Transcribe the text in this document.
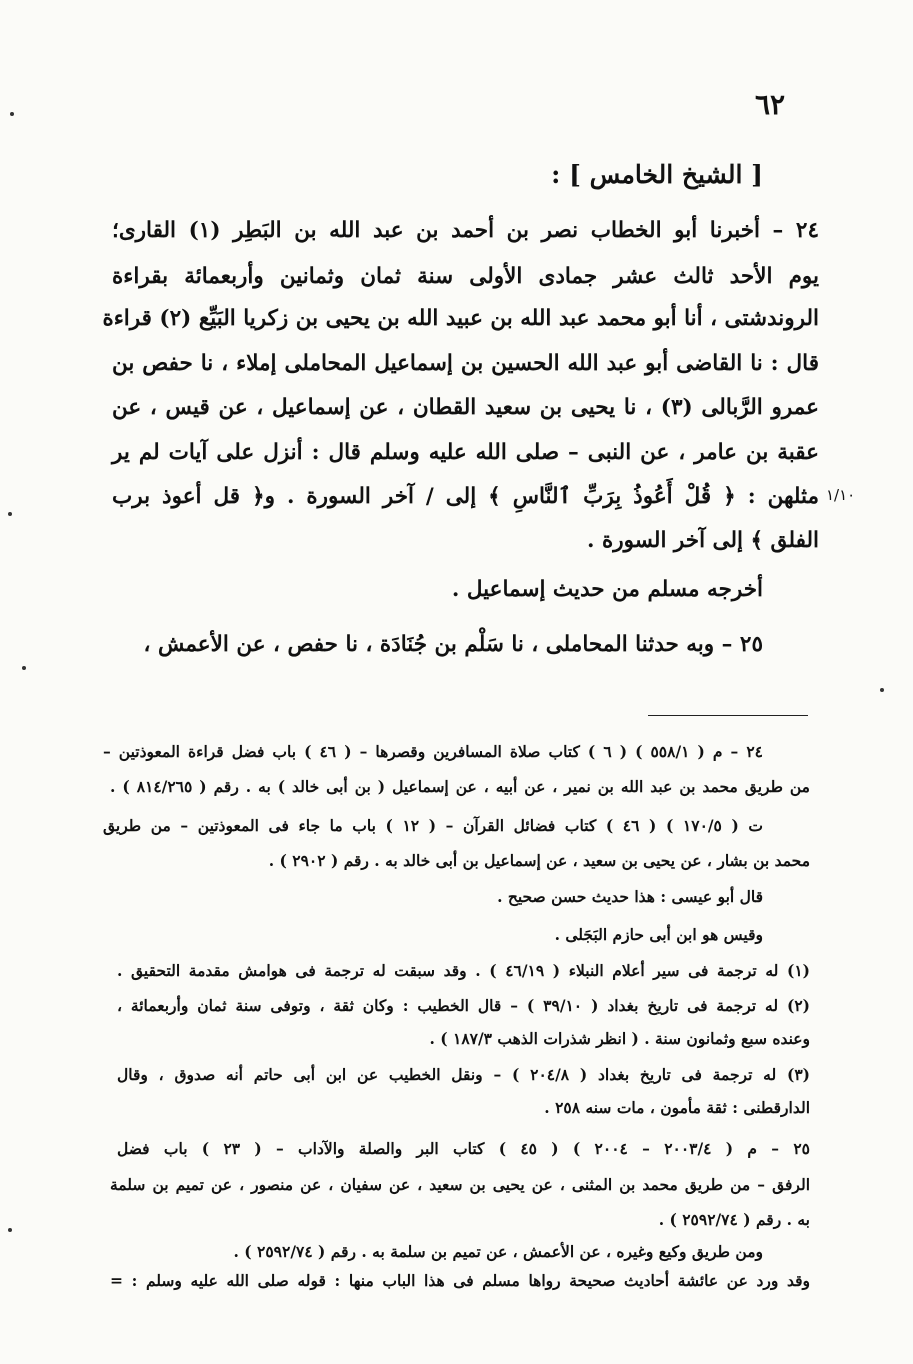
٦٢
[ الشيخ الخامس ] :
١/١٠
٢٤ – أخبرنا أبو الخطاب نصر بن أحمد بن عبد الله بن البَطِر (١) القارى؛
يوم الأحد ثالث عشر جمادى الأولى سنة ثمان وثمانين وأربعمائة بقراءة
الروندشتى ، أنا أبو محمد عبد الله بن عبيد الله بن يحيى بن زكريا البَيِّع (٢) قراءة
قال : نا القاضى أبو عبد الله الحسين بن إسماعيل المحاملى إملاء ، نا حفص بن
عمرو الرَّبالى (٣) ، نا يحيى بن سعيد القطان ، عن إسماعيل ، عن قيس ، عن
عقبة بن عامر ، عن النبى – صلى الله عليه وسلم قال : أنزل على آيات لم ير
مثلهن : ﴿ قُلْ أَعُوذُ بِرَبِّ ٱلنَّاسِ ﴾ إلى / آخر السورة . و﴿ قل أعوذ برب
الفلق ﴾ إلى آخر السورة .
أخرجه مسلم من حديث إسماعيل .
٢٥ – وبه حدثنا المحاملى ، نا سَلْم بن جُنَادَة ، نا حفص ، عن الأعمش ،
٢٤ – م ( ٥٥٨/١ ) ( ٦ ) كتاب صلاة المسافرين وقصرها – ( ٤٦ ) باب فضل قراءة المعوذتين –
من طريق محمد بن عبد الله بن نمير ، عن أبيه ، عن إسماعيل ( بن أبى خالد ) به . رقم ( ٨١٤/٢٦٥ ) .
ت ( ١٧٠/٥ ) ( ٤٦ ) كتاب فضائل القرآن – ( ١٢ ) باب ما جاء فى المعوذتين – من طريق
محمد بن بشار ، عن يحيى بن سعيد ، عن إسماعيل بن أبى خالد به . رقم ( ٢٩٠٢ ) .
قال أبو عيسى : هذا حديث حسن صحيح .
وقيس هو ابن أبى حازم البَجَلى .
(١) له ترجمة فى سير أعلام النبلاء ( ٤٦/١٩ ) . وقد سبقت له ترجمة فى هوامش مقدمة التحقيق .
(٢) له ترجمة فى تاريخ بغداد ( ٣٩/١٠ ) – قال الخطيب : وكان ثقة ، وتوفى سنة ثمان وأربعمائة ،
وعنده سبع وثمانون سنة . ( انظر شذرات الذهب ١٨٧/٣ ) .
(٣) له ترجمة فى تاريخ بغداد ( ٢٠٤/٨ ) – ونقل الخطيب عن ابن أبى حاتم أنه صدوق ، وقال
الدارقطنى : ثقة مأمون ، مات سنه ٢٥٨ .
٢٥ – م ( ٢٠٠٣/٤ – ٢٠٠٤ ) ( ٤٥ ) كتاب البر والصلة والآداب – ( ٢٣ ) باب فضل
الرفق – من طريق محمد بن المثنى ، عن يحيى بن سعيد ، عن سفيان ، عن منصور ، عن تميم بن سلمة
به . رقم ( ٢٥٩٢/٧٤ ) .
ومن طريق وكيع وغيره ، عن الأعمش ، عن تميم بن سلمة به . رقم ( ٢٥٩٢/٧٤ ) .
وقد ورد عن عائشة أحاديث صحيحة رواها مسلم فى هذا الباب منها : قوله صلى الله عليه وسلم : =
